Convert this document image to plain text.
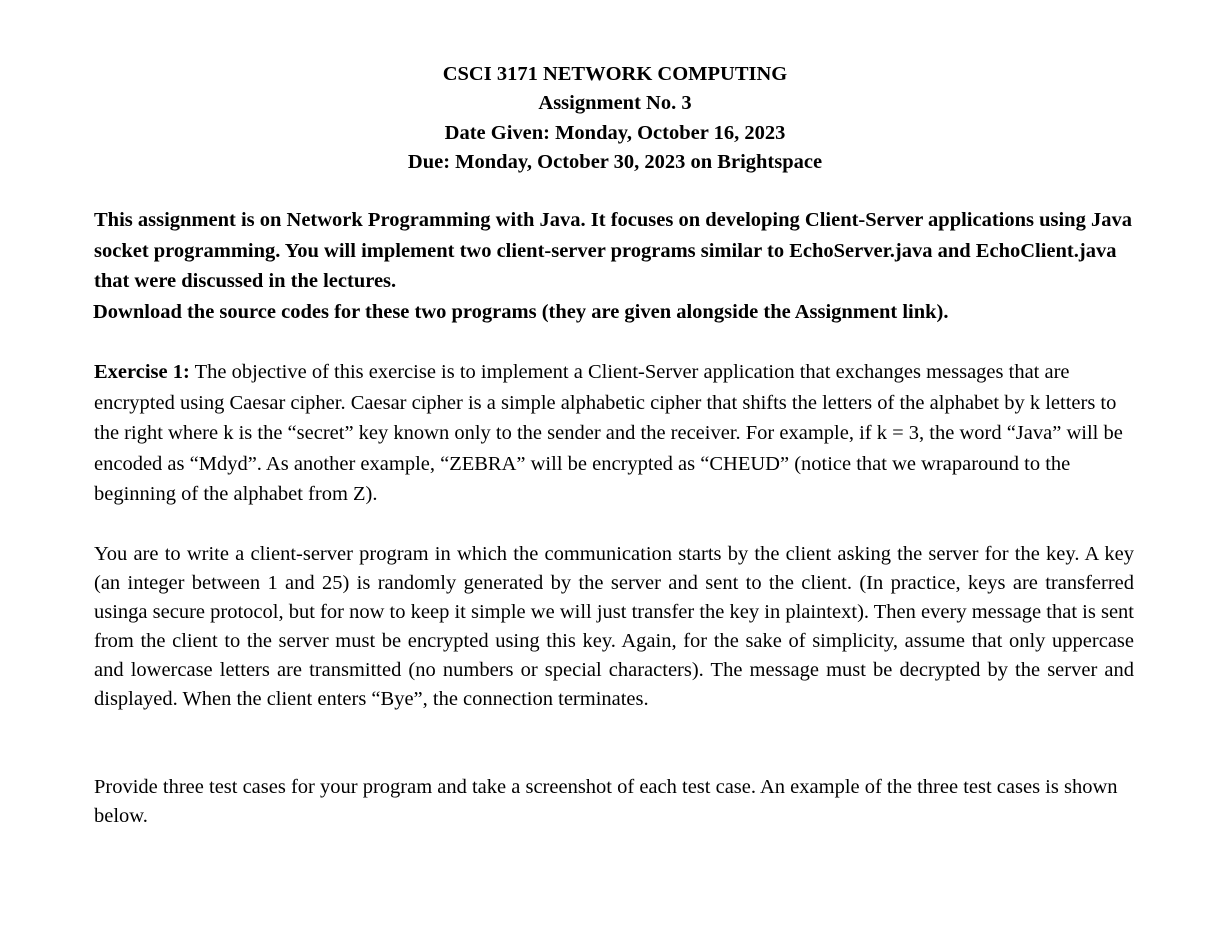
CSCI 3171 NETWORK COMPUTING
Assignment No. 3
Date Given: Monday, October 16, 2023
Due: Monday, October 30, 2023 on Brightspace

This assignment is on Network Programming with Java. It focuses on developing Client-Server applications using Java socket programming. You will implement two client-server programs similar to EchoServer.java and EchoClient.java that were discussed in the lectures.

Download the source codes for these two programs (they are given alongside the Assignment link).

Exercise 1: The objective of this exercise is to implement a Client-Server application that exchanges messages that are encrypted using Caesar cipher. Caesar cipher is a simple alphabetic cipher that shifts the letters of the alphabet by k letters to the right where k is the “secret” key known only to the sender and the receiver. For example, if k = 3, the word “Java” will be encoded as “Mdyd”. As another example, “ZEBRA” will be encrypted as “CHEUD” (notice that we wraparound to the beginning of the alphabet from Z).

You are to write a client-server program in which the communication starts by the client asking the server for the key. A key (an integer between 1 and 25) is randomly generated by the server and sent to the client. (In practice, keys are transferred usinga secure protocol, but for now to keep it simple we will just transfer the key in plaintext). Then every message that is sent from the client to the server must be encrypted using this key. Again, for the sake of simplicity, assume that only uppercase and lowercase letters are transmitted (no numbers or special characters). The message must be decrypted by the server and displayed. When the client enters “Bye”, the connection terminates.

Provide three test cases for your program and take a screenshot of each test case. An example of the three test cases is shown below.
